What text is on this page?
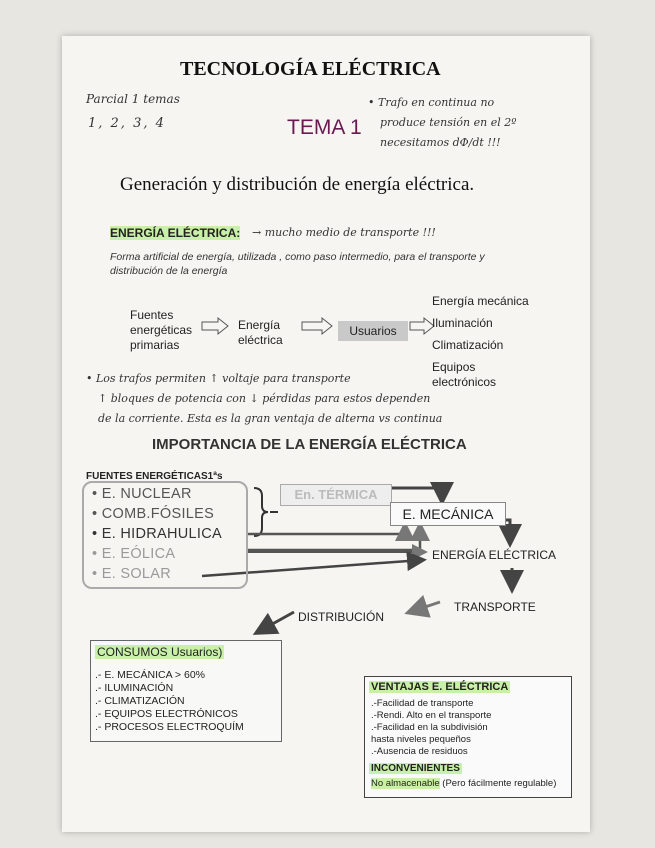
TECNOLOGÍA ELÉCTRICA
TEMA 1
Generación y distribución de energía eléctrica.
Parcial 1 temas
1, 2, 3, 4
• Trafo en continua no
produce tensión en el 2º
necesitamos dΦ/dt !!!
ENERGÍA ELÉCTRICA: → mucho medio de transporte !!!
Forma artificial de energía, utilizada , como paso intermedio, para el transporte y distribución de la energía
Fuentes
energéticas
primarias
Energía
eléctrica
Usuarios
Energía mecánica
Iluminación
Climatización
Equipos
electrónicos
• Los trafos permiten ↑ voltaje para transporte
↑ bloques de potencia con ↓ pérdidas para estos dependen
de la corriente. Esta es la gran ventaja de alterna vs continua
IMPORTANCIA DE LA ENERGÍA ELÉCTRICA
FUENTES ENERGÉTICAS1ªs
• E. NUCLEAR
• COMB.FÓSILES
• E. HIDRAHULICA
• E. EÓLICA
• E. SOLAR
En. TÉRMICA
E. MECÁNICA
ENERGÍA ELÉCTRICA
TRANSPORTE
DISTRIBUCIÓN
CONSUMOS Usuarios)
.- E. MECÁNICA > 60%
.- ILUMINACIÓN
.- CLIMATIZACIÓN
.- EQUIPOS ELECTRÓNICOS
.- PROCESOS ELECTROQUÍM
VENTAJAS E. ELÉCTRICA
.-Facilidad de transporte
.-Rendi. Alto en el transporte
.-Facilidad en la subdivisión
hasta niveles pequeños
.-Ausencia de residuos
INCONVENIENTES
No almacenable (Pero fácilmente regulable)
